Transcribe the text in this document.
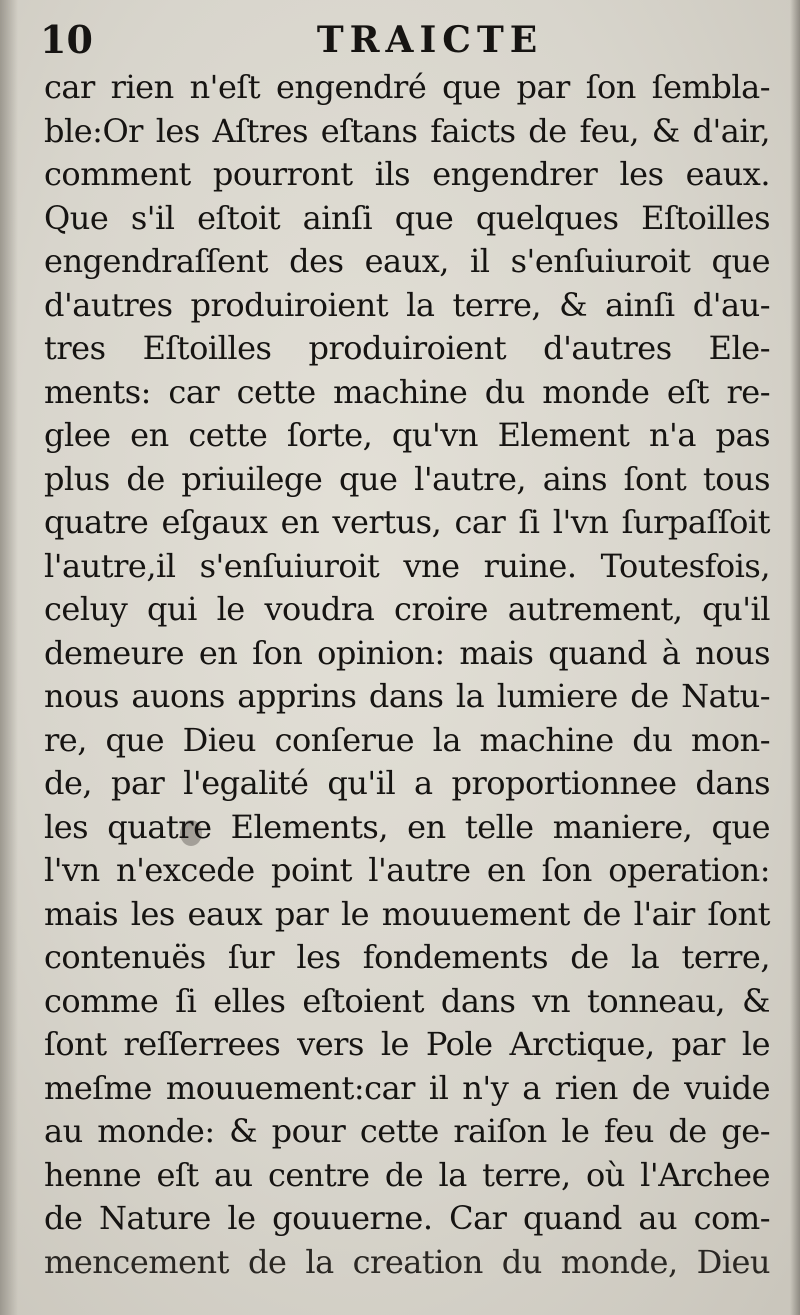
10	TRAICTE
car rien n'eſt engendré que par ſon ſembla-
ble:Or les Aſtres eſtans faicts de feu, & d'air,
comment pourront ils engendrer les eaux.
Que s'il eſtoit ainſi que quelques Eſtoilles
engendraſſent des eaux, il s'enſuiuroit que
d'autres produiroient la terre, & ainſi d'au-
tres Eſtoilles produiroient d'autres Ele-
ments: car cette machine du monde eſt re-
glee en cette ſorte, qu'vn Element n'a pas
plus de priuilege que l'autre, ains ſont tous
quatre eſgaux en vertus, car ſi l'vn ſurpaſſoit
l'autre,il s'enſuiuroit vne ruine. Toutesfois,
celuy qui le voudra croire autrement, qu'il
demeure en ſon opinion: mais quand à nous
nous auons apprins dans la lumiere de Natu-
re, que Dieu conſerue la machine du mon-
de, par l'egalité qu'il a proportionnee dans
les quatre Elements, en telle maniere, que
l'vn n'excede point l'autre en ſon operation:
mais les eaux par le mouuement de l'air ſont
contenuës ſur les fondements de la terre,
comme ſi elles eſtoient dans vn tonneau, &
ſont reſſerrees vers le Pole Arctique, par le
meſme mouuement:car il n'y a rien de vuide
au monde: & pour cette raiſon le feu de ge-
henne eſt au centre de la terre, où l'Archee
de Nature le gouuerne. Car quand au com-
mencement de la creation du monde, Dieu
